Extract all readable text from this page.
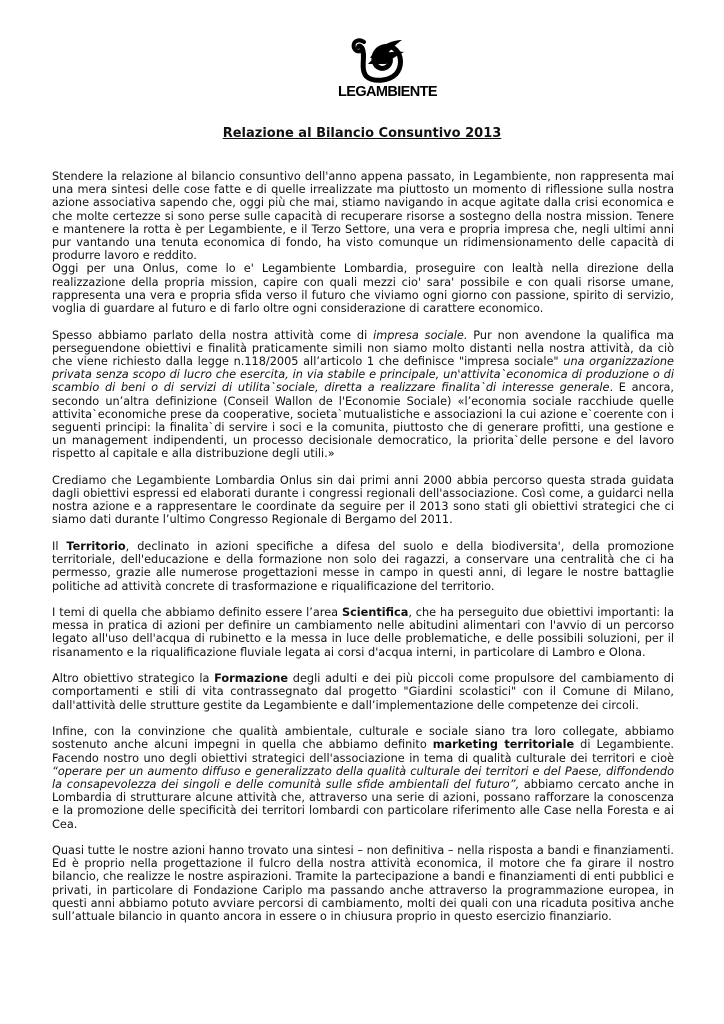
LEGAMBIENTE
Relazione al Bilancio Consuntivo 2013

Stendere la relazione al bilancio consuntivo dell'anno appena passato, in Legambiente, non rappresenta mai una mera sintesi delle cose fatte e di quelle irrealizzate ma piuttosto un momento di riflessione sulla nostra azione associativa sapendo che, oggi più che mai, stiamo navigando in acque agitate dalla crisi economica e che molte certezze si sono perse sulle capacità di recuperare risorse a sostegno della nostra mission. Tenere e mantenere la rotta è per Legambiente, e il Terzo Settore, una vera e propria impresa che, negli ultimi anni pur vantando una tenuta economica di fondo, ha visto comunque un ridimensionamento delle capacità di produrre lavoro e reddito.

Oggi per una Onlus, come lo e' Legambiente Lombardia, proseguire con lealtà nella direzione della realizzazione della propria mission, capire con quali mezzi cio' sara' possibile e con quali risorse umane, rappresenta una vera e propria sfida verso il futuro che viviamo ogni giorno con passione, spirito di servizio, voglia di guardare al futuro e di farlo oltre ogni considerazione di carattere economico.

Spesso abbiamo parlato della nostra attività come di impresa sociale. Pur non avendone la qualifica ma perseguendone obiettivi e finalità praticamente simili non siamo molto distanti nella nostra attività, da ciò che viene richiesto dalla legge n.118/2005 all’articolo 1 che definisce "impresa sociale" una organizzazione privata senza scopo di lucro che esercita, in via stabile e principale, un'attivita`economica di produzione o di scambio di beni o di servizi di utilita`sociale, diretta a realizzare finalita`di interesse generale. E ancora, secondo un’altra definizione (Conseil Wallon de l'Economie Sociale) «l’economia sociale racchiude quelle attivita`economiche prese da cooperative, societa`mutualistiche e associazioni la cui azione e`coerente con i seguenti principi: la finalita`di servire i soci e la comunita, piuttosto che di generare profitti, una gestione e un management indipendenti, un processo decisionale democratico, la priorita`delle persone e del lavoro rispetto al capitale e alla distribuzione degli utili.»

Crediamo che Legambiente Lombardia Onlus sin dai primi anni 2000 abbia percorso questa strada guidata dagli obiettivi espressi ed elaborati durante i congressi regionali dell'associazione. Così come, a guidarci nella nostra azione e a rappresentare le coordinate da seguire per il 2013 sono stati gli obiettivi strategici che ci siamo dati durante l’ultimo Congresso Regionale di Bergamo del 2011.

Il Territorio, declinato in azioni specifiche a difesa del suolo e della biodiversita', della promozione territoriale, dell'educazione e della formazione non solo dei ragazzi, a conservare una centralità che ci ha permesso, grazie alle numerose progettazioni messe in campo in questi anni, di legare le nostre battaglie politiche ad attività concrete di trasformazione e riqualificazione del territorio.

I temi di quella che abbiamo definito essere l’area Scientifica, che ha perseguito due obiettivi importanti: la messa in pratica di azioni per definire un cambiamento nelle abitudini alimentari con l'avvio di un percorso legato all'uso dell'acqua di rubinetto e la messa in luce delle problematiche, e delle possibili soluzioni, per il risanamento e la riqualificazione fluviale legata ai corsi d'acqua interni, in particolare di Lambro e Olona.

Altro obiettivo strategico la Formazione degli adulti e dei più piccoli come propulsore del cambiamento di comportamenti e stili di vita contrassegnato dal progetto "Giardini scolastici" con il Comune di Milano, dall'attività delle strutture gestite da Legambiente e dall’implementazione delle competenze dei circoli.

Infine, con la convinzione che qualità ambientale, culturale e sociale siano tra loro collegate, abbiamo sostenuto anche alcuni impegni in quella che abbiamo definito marketing territoriale di Legambiente. Facendo nostro uno degli obiettivi strategici dell'associazione in tema di qualità culturale dei territori e cioè “operare per un aumento diffuso e generalizzato della qualità culturale dei territori e del Paese, diffondendo la consapevolezza dei singoli e delle comunità sulle sfide ambientali del futuro”, abbiamo cercato anche in Lombardia di strutturare alcune attività che, attraverso una serie di azioni, possano rafforzare la conoscenza e la promozione delle specificità dei territori lombardi con particolare riferimento alle Case nella Foresta e ai Cea.

Quasi tutte le nostre azioni hanno trovato una sintesi – non definitiva – nella risposta a bandi e finanziamenti. Ed è proprio nella progettazione il fulcro della nostra attività economica, il motore che fa girare il nostro bilancio, che realizze le nostre aspirazioni. Tramite la partecipazione a bandi e finanziamenti di enti pubblici e privati, in particolare di Fondazione Cariplo ma passando anche attraverso la programmazione europea, in questi anni abbiamo potuto avviare percorsi di cambiamento, molti dei quali con una ricaduta positiva anche sull’attuale bilancio in quanto ancora in essere o in chiusura proprio in questo esercizio finanziario.
